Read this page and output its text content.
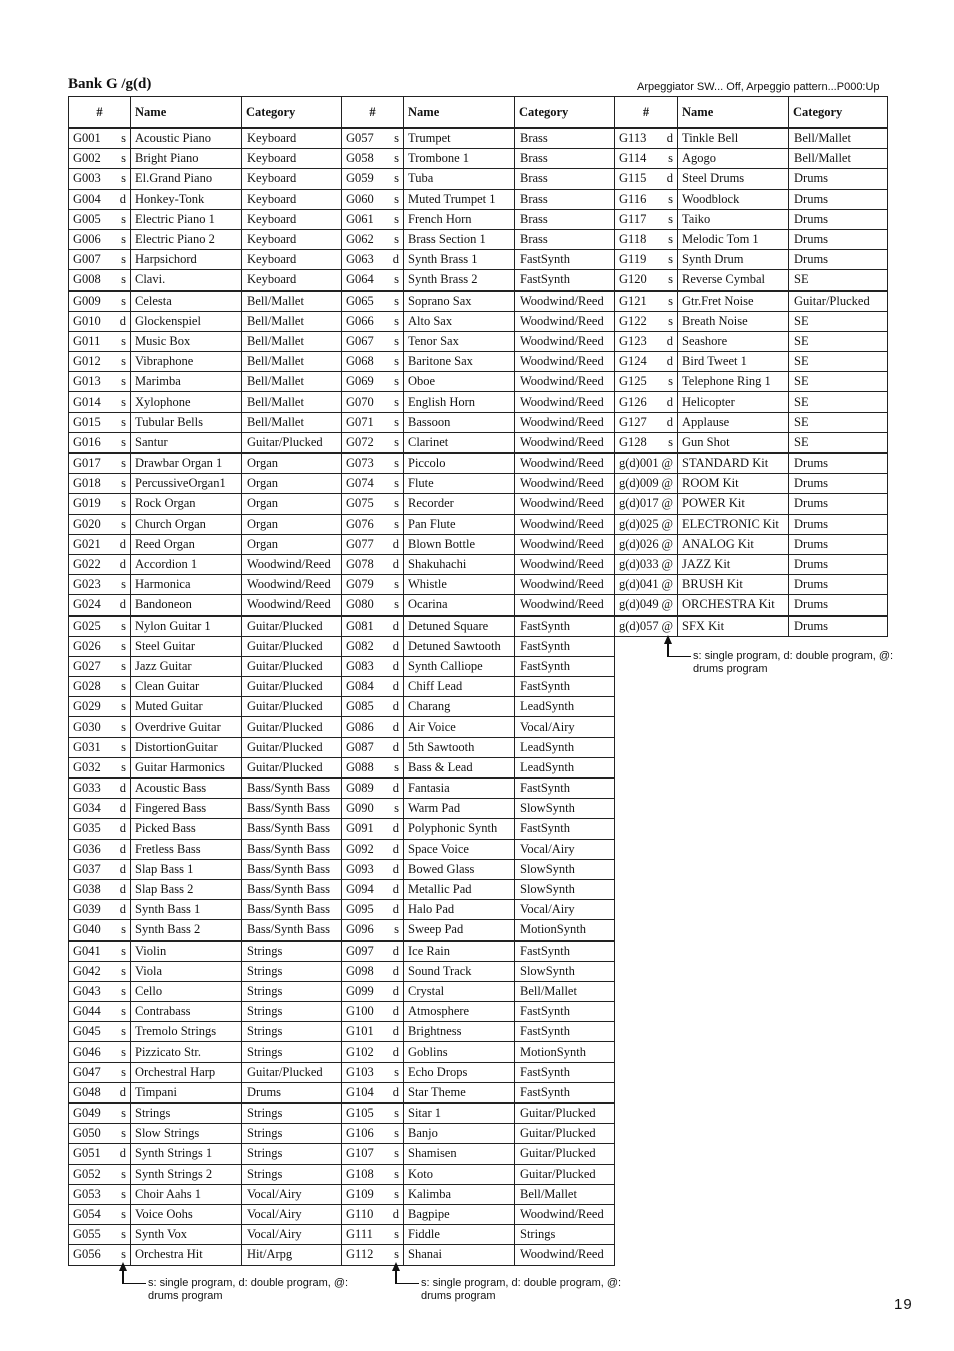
Bank G /g(d)	Arpeggiator SW... Off, Arpeggio pattern...P000:Up
#		Name	Category
G001	s	Acoustic Piano	Keyboard
G002	s	Bright Piano	Keyboard
G003	s	El.Grand Piano	Keyboard
G004	d	Honkey-Tonk	Keyboard
G005	s	Electric Piano 1	Keyboard
G006	s	Electric Piano 2	Keyboard
G007	s	Harpsichord	Keyboard
G008	s	Clavi.	Keyboard
G009	s	Celesta	Bell/Mallet
G010	d	Glockenspiel	Bell/Mallet
G011	s	Music Box	Bell/Mallet
G012	s	Vibraphone	Bell/Mallet
G013	s	Marimba	Bell/Mallet
G014	s	Xylophone	Bell/Mallet
G015	s	Tubular Bells	Bell/Mallet
G016	s	Santur	Guitar/Plucked
G017	s	Drawbar Organ 1	Organ
G018	s	PercussiveOrgan1	Organ
G019	s	Rock Organ	Organ
G020	s	Church Organ	Organ
G021	d	Reed Organ	Organ
G022	d	Accordion 1	Woodwind/Reed
G023	s	Harmonica	Woodwind/Reed
G024	d	Bandoneon	Woodwind/Reed
G025	s	Nylon Guitar 1	Guitar/Plucked
G026	s	Steel Guitar	Guitar/Plucked
G027	s	Jazz Guitar	Guitar/Plucked
G028	s	Clean Guitar	Guitar/Plucked
G029	s	Muted Guitar	Guitar/Plucked
G030	s	Overdrive Guitar	Guitar/Plucked
G031	s	DistortionGuitar	Guitar/Plucked
G032	s	Guitar Harmonics	Guitar/Plucked
G033	d	Acoustic Bass	Bass/Synth Bass
G034	d	Fingered Bass	Bass/Synth Bass
G035	d	Picked Bass	Bass/Synth Bass
G036	d	Fretless Bass	Bass/Synth Bass
G037	d	Slap Bass 1	Bass/Synth Bass
G038	d	Slap Bass 2	Bass/Synth Bass
G039	d	Synth Bass 1	Bass/Synth Bass
G040	s	Synth Bass 2	Bass/Synth Bass
G041	s	Violin	Strings
G042	s	Viola	Strings
G043	s	Cello	Strings
G044	s	Contrabass	Strings
G045	s	Tremolo Strings	Strings
G046	s	Pizzicato Str.	Strings
G047	s	Orchestral Harp	Guitar/Plucked
G048	d	Timpani	Drums
G049	s	Strings	Strings
G050	s	Slow Strings	Strings
G051	d	Synth Strings 1	Strings
G052	s	Synth Strings 2	Strings
G053	s	Choir Aahs 1	Vocal/Airy
G054	s	Voice Oohs	Vocal/Airy
G055	s	Synth Vox	Vocal/Airy
G056	s	Orchestra Hit	Hit/Arpg
#		Name	Category
G057	s	Trumpet	Brass
G058	s	Trombone 1	Brass
G059	s	Tuba	Brass
G060	s	Muted Trumpet 1	Brass
G061	s	French Horn	Brass
G062	s	Brass Section 1	Brass
G063	d	Synth Brass 1	FastSynth
G064	s	Synth Brass 2	FastSynth
G065	s	Soprano Sax	Woodwind/Reed
G066	s	Alto Sax	Woodwind/Reed
G067	s	Tenor Sax	Woodwind/Reed
G068	s	Baritone Sax	Woodwind/Reed
G069	s	Oboe	Woodwind/Reed
G070	s	English Horn	Woodwind/Reed
G071	s	Bassoon	Woodwind/Reed
G072	s	Clarinet	Woodwind/Reed
G073	s	Piccolo	Woodwind/Reed
G074	s	Flute	Woodwind/Reed
G075	s	Recorder	Woodwind/Reed
G076	s	Pan Flute	Woodwind/Reed
G077	d	Blown Bottle	Woodwind/Reed
G078	d	Shakuhachi	Woodwind/Reed
G079	s	Whistle	Woodwind/Reed
G080	s	Ocarina	Woodwind/Reed
G081	d	Detuned Square	FastSynth
G082	d	Detuned Sawtooth	FastSynth
G083	d	Synth Calliope	FastSynth
G084	d	Chiff Lead	FastSynth
G085	d	Charang	LeadSynth
G086	d	Air Voice	Vocal/Airy
G087	d	5th Sawtooth	LeadSynth
G088	s	Bass & Lead	LeadSynth
G089	d	Fantasia	FastSynth
G090	s	Warm Pad	SlowSynth
G091	d	Polyphonic Synth	FastSynth
G092	d	Space Voice	Vocal/Airy
G093	d	Bowed Glass	SlowSynth
G094	d	Metallic Pad	SlowSynth
G095	d	Halo Pad	Vocal/Airy
G096	s	Sweep Pad	MotionSynth
G097	d	Ice Rain	FastSynth
G098	d	Sound Track	SlowSynth
G099	d	Crystal	Bell/Mallet
G100	d	Atmosphere	FastSynth
G101	d	Brightness	FastSynth
G102	d	Goblins	MotionSynth
G103	s	Echo Drops	FastSynth
G104	d	Star Theme	FastSynth
G105	s	Sitar 1	Guitar/Plucked
G106	s	Banjo	Guitar/Plucked
G107	s	Shamisen	Guitar/Plucked
G108	s	Koto	Guitar/Plucked
G109	s	Kalimba	Bell/Mallet
G110	d	Bagpipe	Woodwind/Reed
G111	s	Fiddle	Strings
G112	s	Shanai	Woodwind/Reed
#		Name	Category
G113	d	Tinkle Bell	Bell/Mallet
G114	s	Agogo	Bell/Mallet
G115	d	Steel Drums	Drums
G116	s	Woodblock	Drums
G117	s	Taiko	Drums
G118	s	Melodic Tom 1	Drums
G119	s	Synth Drum	Drums
G120	s	Reverse Cymbal	SE
G121	s	Gtr.Fret Noise	Guitar/Plucked
G122	s	Breath Noise	SE
G123	d	Seashore	SE
G124	d	Bird Tweet 1	SE
G125	s	Telephone Ring 1	SE
G126	d	Helicopter	SE
G127	d	Applause	SE
G128	s	Gun Shot	SE
g(d)001	@	STANDARD Kit	Drums
g(d)009	@	ROOM Kit	Drums
g(d)017	@	POWER Kit	Drums
g(d)025	@	ELECTRONIC Kit	Drums
g(d)026	@	ANALOG Kit	Drums
g(d)033	@	JAZZ Kit	Drums
g(d)041	@	BRUSH Kit	Drums
g(d)049	@	ORCHESTRA Kit	Drums
g(d)057	@	SFX Kit	Drums
s: single program, d: double program, @: drums program
s: single program, d: double program, @: drums program
s: single program, d: double program, @: drums program
19
